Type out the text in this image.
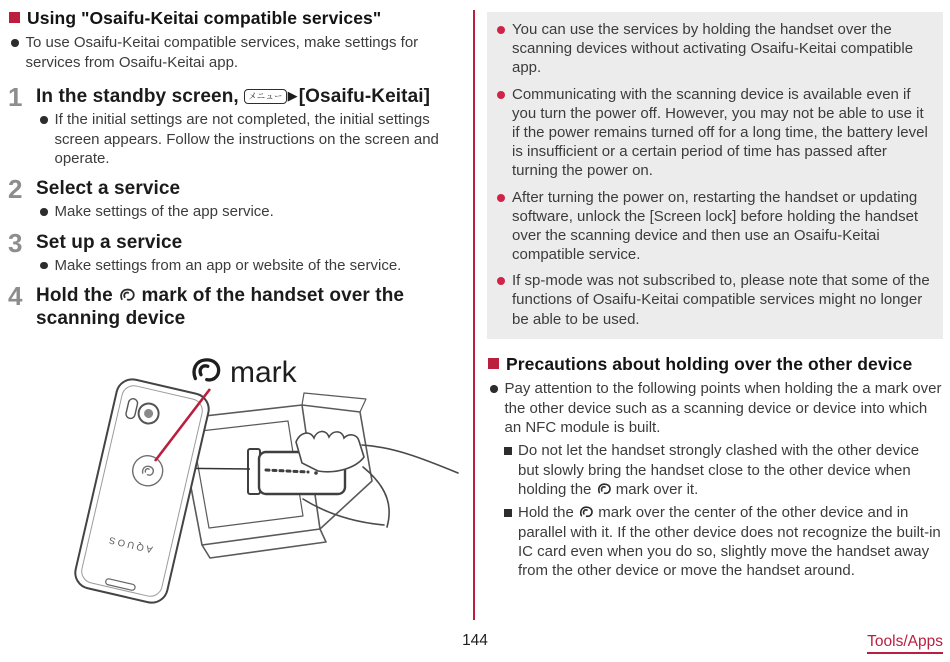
Using "Osaifu-Keitai compatible services"
To use Osaifu-Keitai compatible services, make settings for services from Osaifu-Keitai app.
1 In the standby screen, メニュー ▶[Osaifu-Keitai]
If the initial settings are not completed, the initial settings screen appears. Follow the instructions on the screen and operate.
2 Select a service
Make settings of the app service.
3 Set up a service
Make settings from an app or website of the service.
4 Hold the  mark of the handset over the scanning device
AQUOS
mark
You can use the services by holding the handset over the scanning devices without activating Osaifu-Keitai compatible app.
Communicating with the scanning device is available even if you turn the power off. However, you may not be able to use it if the power remains turned off for a long time, the battery level is insufficient or a certain period of time has passed after turning the power on.
After turning the power on, restarting the handset or updating software, unlock the [Screen lock] before holding the handset over the scanning device and then use an Osaifu-Keitai compatible service.
If sp-mode was not subscribed to, please note that some of the functions of Osaifu-Keitai compatible services might no longer be able to be used.
Precautions about holding over the other device
Pay attention to the following points when holding the a mark over the other device such as a scanning device or device into which an NFC module is built.
Do not let the handset strongly clashed with the other device but slowly bring the handset close to the other device when holding the  mark over it.
Hold the  mark over the center of the other device and in parallel with it. If the other device does not recognize the built-in IC card even when you do so, slightly move the handset away from the other device or move the handset around.
144	Tools/Apps
